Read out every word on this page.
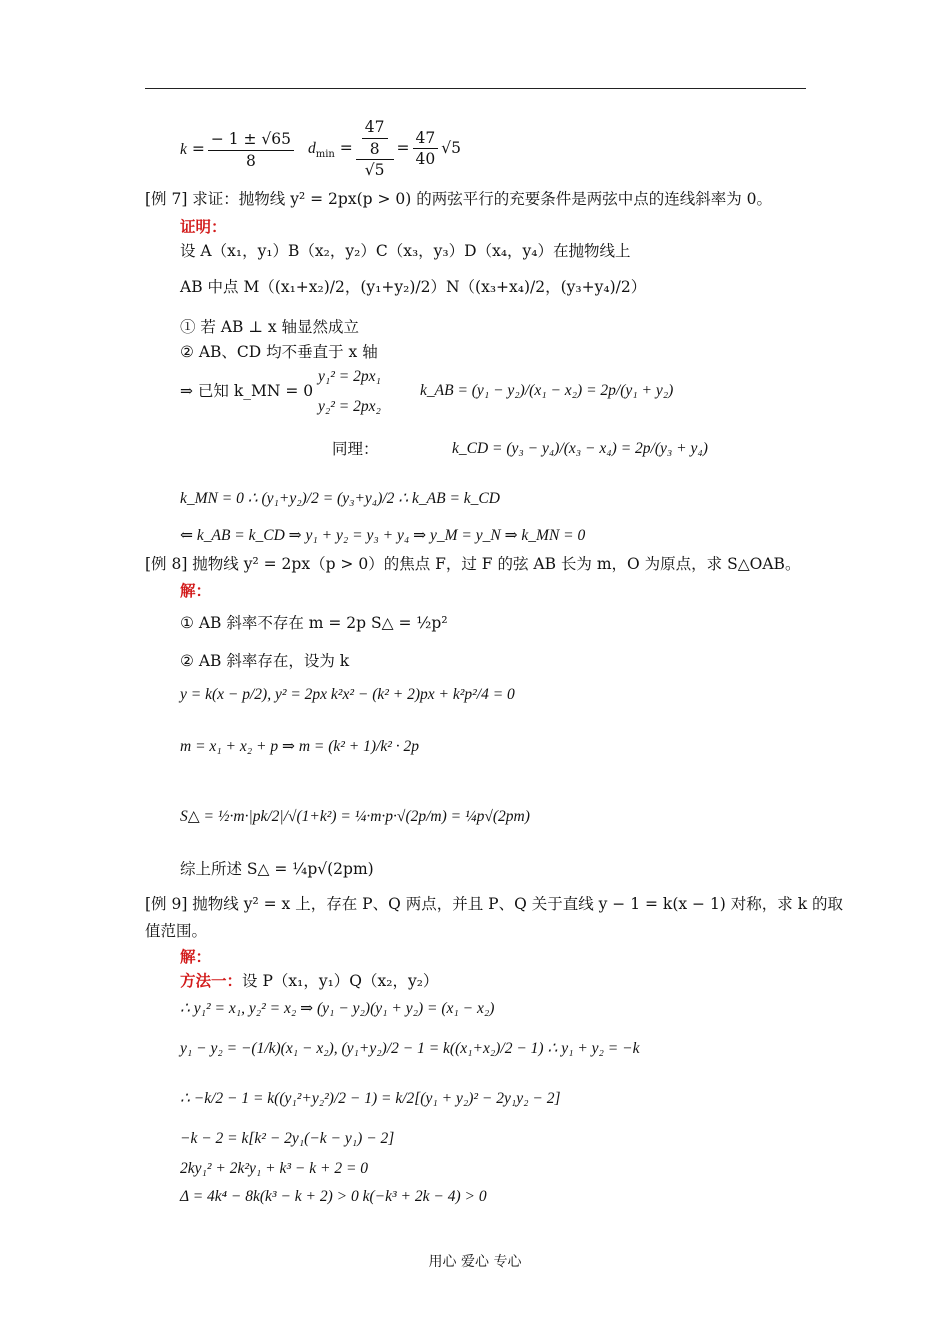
$k = \frac{- 1 \pm √65}{8} d_{min} = \frac{\frac{47}{8}}{√5} = \frac{47}{40} √5$
[例 7] 求证：抛物线 y² = 2px(p > 0) 的两弦平行的充要条件是两弦中点的连线斜率为 0。
证明：
设 A（x₁，y₁）B（x₂，y₂）C（x₃，y₃）D（x₄，y₄）在抛物线上
AB 中点 M（(x₁+x₂)/2，(y₁+y₂)/2）N（(x₃+x₄)/2，(y₃+y₄)/2）
① 若 AB ⊥ x 轴显然成立
② AB、CD 均不垂直于 x 轴
⇒ 已知 k_MN = 0
y₁² = 2px₁
y₂² = 2px₂
k_AB = (y₁ − y₂)/(x₁ − x₂) = 2p/(y₁ + y₂)
同理：	k_CD = (y₃ − y₄)/(x₃ − x₄) = 2p/(y₃ + y₄)
k_MN = 0 ∴ (y₁+y₂)/2 = (y₃+y₄)/2 ∴ k_AB = k_CD
⇐ k_AB = k_CD ⇒ y₁ + y₂ = y₃ + y₄ ⇒ y_M = y_N ⇒ k_MN = 0
[例 8] 抛物线 y² = 2px（p > 0）的焦点 F，过 F 的弦 AB 长为 m，O 为原点，求 S△OAB。
解：
① AB 斜率不存在 m = 2p S△ = ½p²
② AB 斜率存在，设为 k
y = k(x − p/2), y² = 2px k²x² − (k² + 2)px + k²p²/4 = 0
m = x₁ + x₂ + p ⇒ m = (k² + 1)/k² · 2p
S△ = ½·m·|pk/2|/√(1+k²) = ¼·m·p·√(2p/m) = ¼p√(2pm)
综上所述 S△ = ¼p√(2pm)
[例 9] 抛物线 y² = x 上，存在 P、Q 两点，并且 P、Q 关于直线 y − 1 = k(x − 1) 对称，求 k 的取
值范围。
解：
方法一：设 P（x₁，y₁）Q（x₂，y₂）
∴ y₁² = x₁, y₂² = x₂ ⇒ (y₁ − y₂)(y₁ + y₂) = (x₁ − x₂)
y₁ − y₂ = −(1/k)(x₁ − x₂), (y₁+y₂)/2 − 1 = k((x₁+x₂)/2 − 1) ∴ y₁ + y₂ = −k
∴ −k/2 − 1 = k((y₁²+y₂²)/2 − 1) = k/2[(y₁ + y₂)² − 2y₁y₂ − 2]
−k − 2 = k[k² − 2y₁(−k − y₁) − 2]
2ky₁² + 2k²y₁ + k³ − k + 2 = 0
Δ = 4k⁴ − 8k(k³ − k + 2) > 0 k(−k³ + 2k − 4) > 0
用心 爱心 专心
